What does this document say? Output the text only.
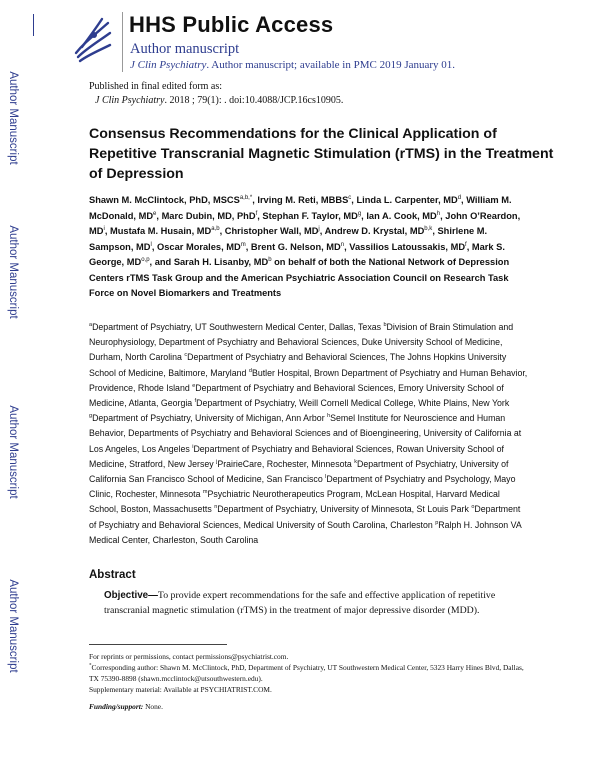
Author Manuscript
Author Manuscript
Author Manuscript
Author Manuscript
HHS Public Access
Author manuscript
J Clin Psychiatry. Author manuscript; available in PMC 2019 January 01.
Published in final edited form as:
J Clin Psychiatry. 2018 ; 79(1): . doi:10.4088/JCP.16cs10905.
Consensus Recommendations for the Clinical Application of Repetitive Transcranial Magnetic Stimulation (rTMS) in the Treatment of Depression
Shawn M. McClintock, PhD, $MSCS^{a,b,*}$, Irving M. Reti, MBBS$^c$, Linda L. Carpenter, $MD^d$, William M. McDonald, MDe, Marc Dubin, MD, PhD$^f$, Stephan F. Taylor, $MD^g$, Ian A. Cook, $MD^h$, John O’Reardon, $MD^i$, Mustafa M. Husain, MD$^{a,b}$, Christopher Wall, $MD^j$, Andrew D. Krystal, MD$^{b,k}$, Shirlene M. Sampson, $MD^l$, Oscar Morales, $MD^m$, Brent G. Nelson, $MD^n$, Vassilios Latoussakis, $MD^f$, Mark S. George, MD$^{o,p}$, and Sarah H. Lisanby, $MD^b$ on behalf of both the National Network of Depression Centers rTMS Task Group and the American Psychiatric Association Council on Research Task Force on Novel Biomarkers and Treatments
$^a$Department of Psychiatry, UT Southwestern Medical Center, Dallas, Texas $^b$Division of Brain Stimulation and Neurophysiology, Department of Psychiatry and Behavioral Sciences, Duke University School of Medicine, Durham, North Carolina $^c$Department of Psychiatry and Behavioral Sciences, The Johns Hopkins University School of Medicine, Baltimore, Maryland $^d$Butler Hospital, Brown Department of Psychiatry and Human Behavior, Providence, Rhode Island $^e$Department of Psychiatry and Behavioral Sciences, Emory University School of Medicine, Atlanta, Georgia $^f$Department of Psychiatry, Weill Cornell Medical College, White Plains, New York $^g$Department of Psychiatry, University of Michigan, Ann Arbor $^h$Semel Institute for Neuroscience and Human Behavior, Departments of Psychiatry and Behavioral Sciences and of Bioengineering, University of California at Los Angeles, Los Angeles $^i$Department of Psychiatry and Behavioral Sciences, Rowan University School of Medicine, Stratford, New Jersey $^j$PrairieCare, Rochester, Minnesota $^k$Department of Psychiatry, University of California San Francisco School of Medicine, San Francisco $^l$Department of Psychiatry and Psychology, Mayo Clinic, Rochester, Minnesota $^m$Psychiatric Neurotherapeutics Program, McLean Hospital, Harvard Medical School, Boston, Massachusetts $^n$Department of Psychiatry, University of Minnesota, St Louis Park $^o$Department of Psychiatry and Behavioral Sciences, Medical University of South Carolina, Charleston $^p$Ralph H. Johnson VA Medical Center, Charleston, South Carolina
Abstract
Objective—To provide expert recommendations for the safe and effective application of repetitive transcranial magnetic stimulation (rTMS) in the treatment of major depressive disorder (MDD).
For reprints or permissions, contact permissions@psychiatrist.com.
*Corresponding author: Shawn M. McClintock, PhD, Department of Psychiatry, UT Southwestern Medical Center, 5323 Harry Hines Blvd, Dallas, TX 75390-8898 (shawn.mcclintock@utsouthwestern.edu).
Supplementary material: Available at PSYCHIATRIST.COM.
Funding/support: None.
